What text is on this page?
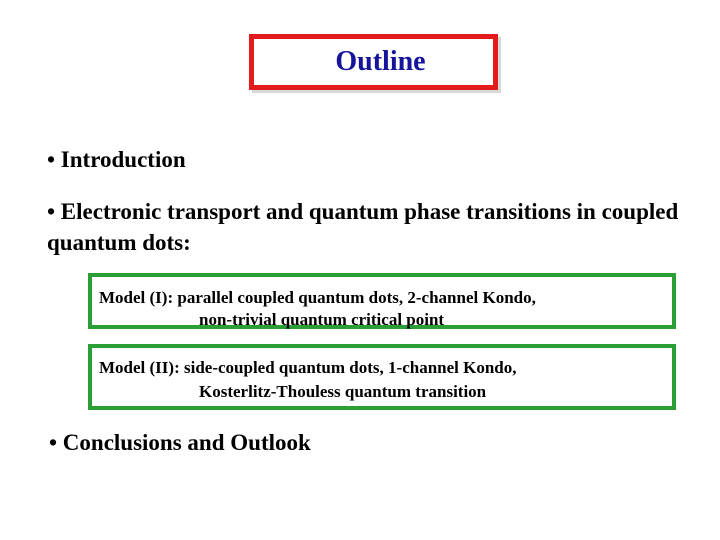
Outline
• Introduction
• Electronic transport and quantum phase transitions in coupled quantum dots:
Model (I): parallel coupled quantum dots, 2-channel Kondo,
non-trivial quantum critical point
Model (II): side-coupled quantum dots, 1-channel Kondo,
Kosterlitz-Thouless quantum transition
• Conclusions and Outlook
